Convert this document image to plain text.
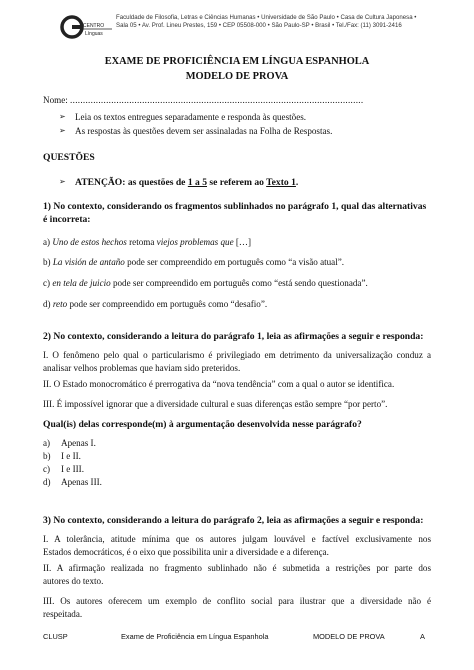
CENTRO
Línguas
Faculdade de Filosofia, Letras e Ciências Humanas • Universidade de São Paulo • Casa de Cultura Japonesa •
Sala 05 • Av. Prof. Lineu Prestes, 159 • CEP 05508-000 • São Paulo-SP • Brasil • Tel./Fax: (11) 3091-2416
EXAME DE PROFICIÊNCIA EM LÍNGUA ESPANHOLA
MODELO DE PROVA
Nome: ..................................................................................................................
➢ Leia os textos entregues separadamente e responda às questões.
➢ As respostas às questões devem ser assinaladas na Folha de Respostas.
QUESTÕES
➢ ATENÇÃO: as questões de 1 a 5 se referem ao Texto 1.
1) No contexto, considerando os fragmentos sublinhados no parágrafo 1, qual das alternativas
é incorreta:
a) Uno de estos hechos retoma viejos problemas que […]
b) La visión de antaño pode ser compreendido em português como “a visão atual”.
c) en tela de juicio pode ser compreendido em português como “está sendo questionada”.
d) reto pode ser compreendido em português como “desafio”.
2) No contexto, considerando a leitura do parágrafo 1, leia as afirmações a seguir e responda:
I. O fenômeno pelo qual o particularismo é privilegiado em detrimento da universalização conduz a
analisar velhos problemas que haviam sido preteridos.
II. O Estado monocromático é prerrogativa da “nova tendência” com a qual o autor se identifica.
III. É impossível ignorar que a diversidade cultural e suas diferenças estão sempre “por perto”.
Qual(is) delas corresponde(m) à argumentação desenvolvida nesse parágrafo?
a) Apenas I.
b) I e II.
c) I e III.
d) Apenas III.
3) No contexto, considerando a leitura do parágrafo 2, leia as afirmações a seguir e responda:
I. A tolerância, atitude mínima que os autores julgam louvável e factível exclusivamente nos
Estados democráticos, é o eixo que possibilita unir a diversidade e a diferença.
II. A afirmação realizada no fragmento sublinhado não é submetida a restrições por parte dos
autores do texto.
III. Os autores oferecem um exemplo de conflito social para ilustrar que a diversidade não é
respeitada.
CLUSP	Exame de Proficiência em Língua Espanhola	MODELO DE PROVA	A
